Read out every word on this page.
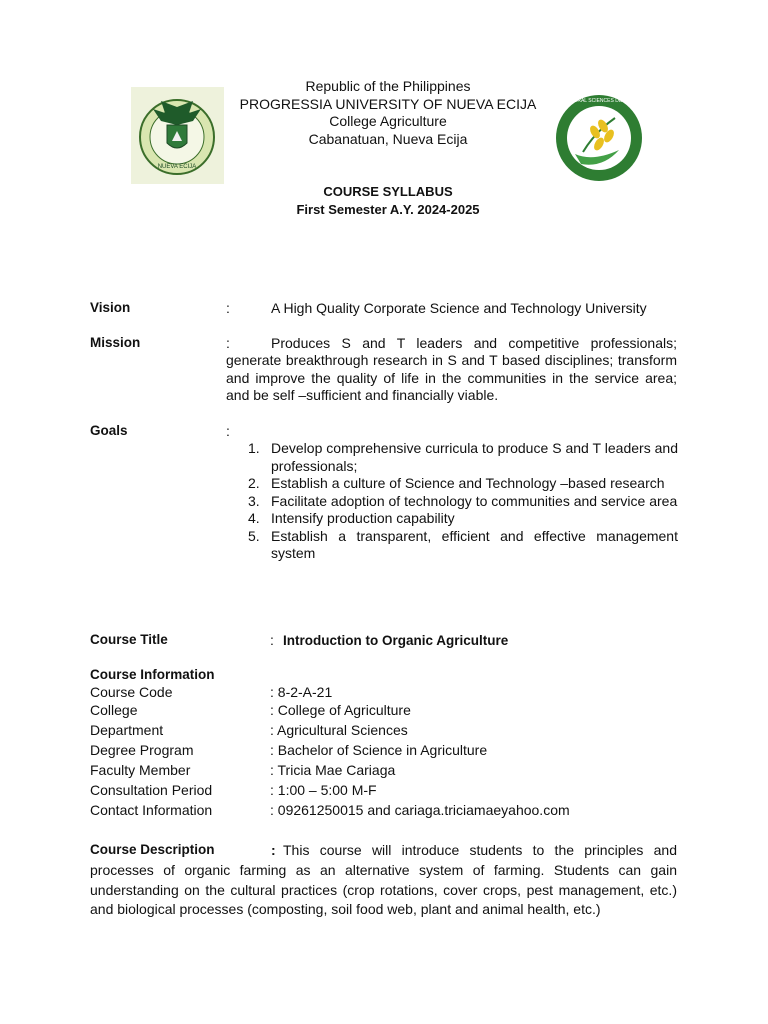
NUEVA ECIJA
AGRICULTURAL SCIENCES DEPARTMENT
Republic of the Philippines
PROGRESSIA UNIVERSITY OF NUEVA ECIJA
College Agriculture
Cabanatuan, Nueva Ecija
COURSE SYLLABUS
First Semester A.Y. 2024-2025
Vision	:	A High Quality Corporate Science and Technology University
Mission	:	Produces S and T leaders and competitive professionals;
generate breakthrough research in S and T based disciplines; transform and improve the quality of life in the communities in the service area; and be self –sufficient and financially viable.
Goals	:
1. Develop comprehensive curricula to produce S and T leaders and professionals;
2. Establish a culture of Science and Technology –based research
3. Facilitate adoption of technology to communities and service area
4. Intensify production capability
5. Establish a transparent, efficient and effective management system
Course Title	: Introduction to Organic Agriculture
Course Information
Course Code	: 8-2-A-21
College	: College of Agriculture
Department	: Agricultural Sciences
Degree Program	: Bachelor of Science in Agriculture
Faculty Member	: Tricia Mae Cariaga
Consultation Period	: 1:00 – 5:00 M-F
Contact Information	: 09261250015 and cariaga.triciamaeyahoo.com
Course Description	: This course will introduce students to the principles and
processes of organic farming as an alternative system of farming. Students can gain understanding on the cultural practices (crop rotations, cover crops, pest management, etc.) and biological processes (composting, soil food web, plant and animal health, etc.)
